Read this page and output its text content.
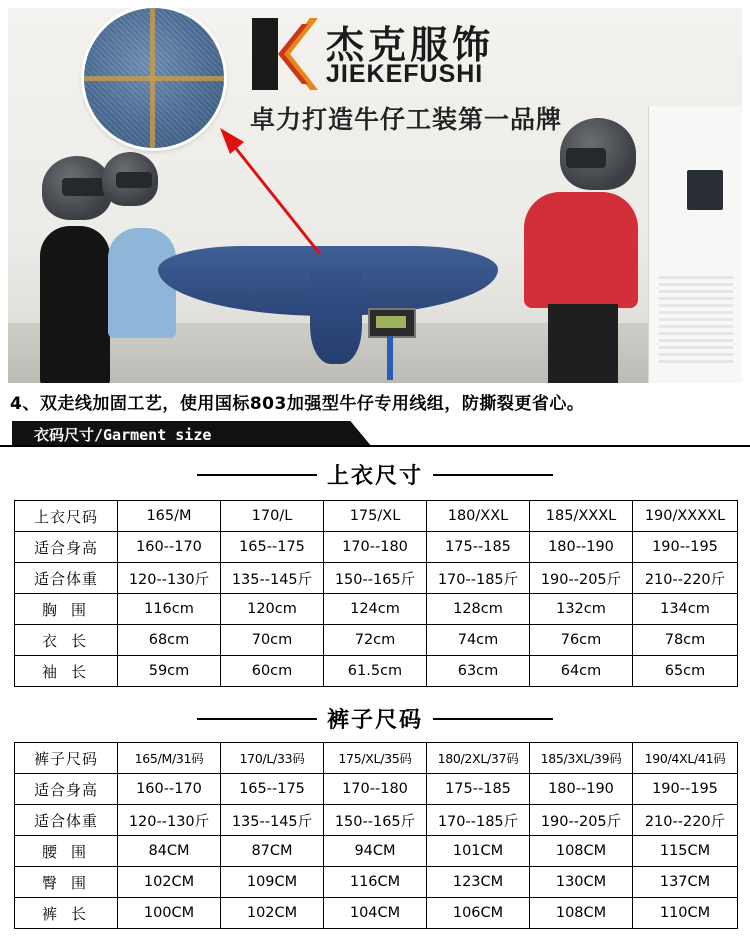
杰克服饰
JIEKEFUSHI
卓力打造牛仔工装第一品牌
4、双走线加固工艺，使用国标803加强型牛仔专用线组，防撕裂更省心。
衣码尺寸/Garment size
上衣尺寸
上衣尺码	165/M	170/L	175/XL	180/XXL	185/XXXL	190/XXXXL
适合身高	160--170	165--175	170--180	175--185	180--190	190--195
适合体重	120--130斤	135--145斤	150--165斤	170--185斤	190--205斤	210--220斤
胸围	116cm	120cm	124cm	128cm	132cm	134cm
衣长	68cm	70cm	72cm	74cm	76cm	78cm
袖长	59cm	60cm	61.5cm	63cm	64cm	65cm
裤子尺码
裤子尺码	165/M/31码	170/L/33码	175/XL/35码	180/2XL/37码	185/3XL/39码	190/4XL/41码
适合身高	160--170	165--175	170--180	175--185	180--190	190--195
适合体重	120--130斤	135--145斤	150--165斤	170--185斤	190--205斤	210--220斤
腰围	84CM	87CM	94CM	101CM	108CM	115CM
臀围	102CM	109CM	116CM	123CM	130CM	137CM
裤长	100CM	102CM	104CM	106CM	108CM	110CM
